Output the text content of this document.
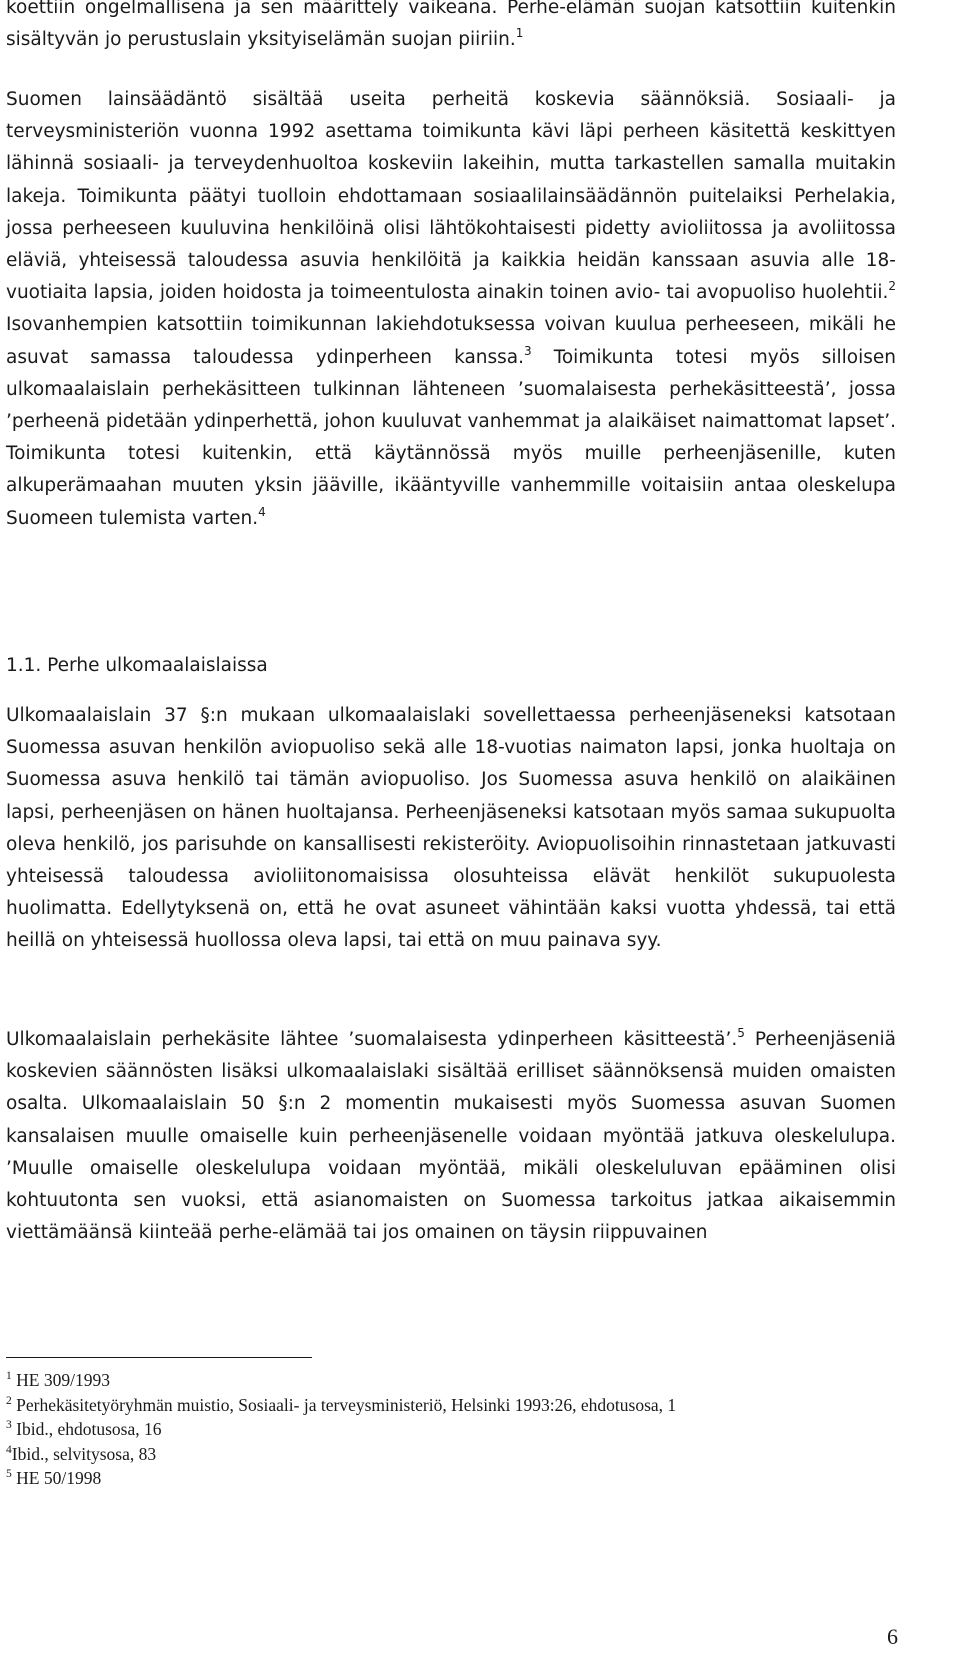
koettiin ongelmallisena ja sen määrittely vaikeana. Perhe-elämän suojan katsottiin kuitenkin sisältyvän jo perustuslain yksityiselämän suojan piiriin.$^1$

Suomen lainsäädäntö sisältää useita perheitä koskevia säännöksiä. Sosiaali- ja terveysministeriön vuonna 1992 asettama toimikunta kävi läpi perheen käsitettä keskittyen lähinnä sosiaali- ja terveydenhuoltoa koskeviin lakeihin, mutta tarkastellen samalla muitakin lakeja. Toimikunta päätyi tuolloin ehdottamaan sosiaalilainsäädännön puitelaiksi Perhelakia, jossa perheeseen kuuluvina henkilöinä olisi lähtökohtaisesti pidetty avioliitossa ja avoliitossa eläviä, yhteisessä taloudessa asuvia henkilöitä ja kaikkia heidän kanssaan asuvia alle 18-vuotiaita lapsia, joiden hoidosta ja toimeentulosta ainakin toinen avio- tai avopuoliso huolehtii.$^2$ Isovanhempien katsottiin toimikunnan lakiehdotuksessa voivan kuulua perheeseen, mikäli he asuvat samassa taloudessa ydinperheen kanssa.$^3$ Toimikunta totesi myös silloisen ulkomaalaislain perhekäsitteen tulkinnan lähteneen ’suomalaisesta perhekäsitteestä’, jossa ’perheenä pidetään ydinperhettä, johon kuuluvat vanhemmat ja alaikäiset naimattomat lapset’. Toimikunta totesi kuitenkin, että käytännössä myös muille perheenjäsenille, kuten alkuperämaahan muuten yksin jääville, ikääntyville vanhemmille voitaisiin antaa oleskelupa Suomeen tulemista varten.$^4$

1.1. Perhe ulkomaalaislaissa

Ulkomaalaislain 37 §:n mukaan ulkomaalaislaki sovellettaessa perheenjäseneksi katsotaan Suomessa asuvan henkilön aviopuoliso sekä alle 18-vuotias naimaton lapsi, jonka huoltaja on Suomessa asuva henkilö tai tämän aviopuoliso. Jos Suomessa asuva henkilö on alaikäinen lapsi, perheenjäsen on hänen huoltajansa. Perheenjäseneksi katsotaan myös samaa sukupuolta oleva henkilö, jos parisuhde on kansallisesti rekisteröity. Aviopuolisoihin rinnastetaan jatkuvasti yhteisessä taloudessa avioliitonomaisissa olosuhteissa elävät henkilöt sukupuolesta huolimatta. Edellytyksenä on, että he ovat asuneet vähintään kaksi vuotta yhdessä, tai että heillä on yhteisessä huollossa oleva lapsi, tai että on muu painava syy.

Ulkomaalaislain perhekäsite lähtee ’suomalaisesta ydinperheen käsitteestä’.$^5$ Perheenjäseniä koskevien säännösten lisäksi ulkomaalaislaki sisältää erilliset säännöksensä muiden omaisten osalta. Ulkomaalaislain 50 §:n 2 momentin mukaisesti myös Suomessa asuvan Suomen kansalaisen muulle omaiselle kuin perheenjäsenelle voidaan myöntää jatkuva oleskelulupa. ’Muulle omaiselle oleskelulupa voidaan myöntää, mikäli oleskeluluvan epääminen olisi kohtuutonta sen vuoksi, että asianomaisten on Suomessa tarkoitus jatkaa aikaisemmin viettämäänsä kiinteää perhe-elämää tai jos omainen on täysin riippuvainen

$^1$ HE 309/1993

$^2$ Perhekäsitetyöryhmän muistio, Sosiaali- ja terveysministeriö, Helsinki 1993:26, ehdotusosa, 1

$^3$ Ibid., ehdotusosa, 16

$^4$Ibid., selvitysosa, 83

$^5$ HE 50/1998

6
